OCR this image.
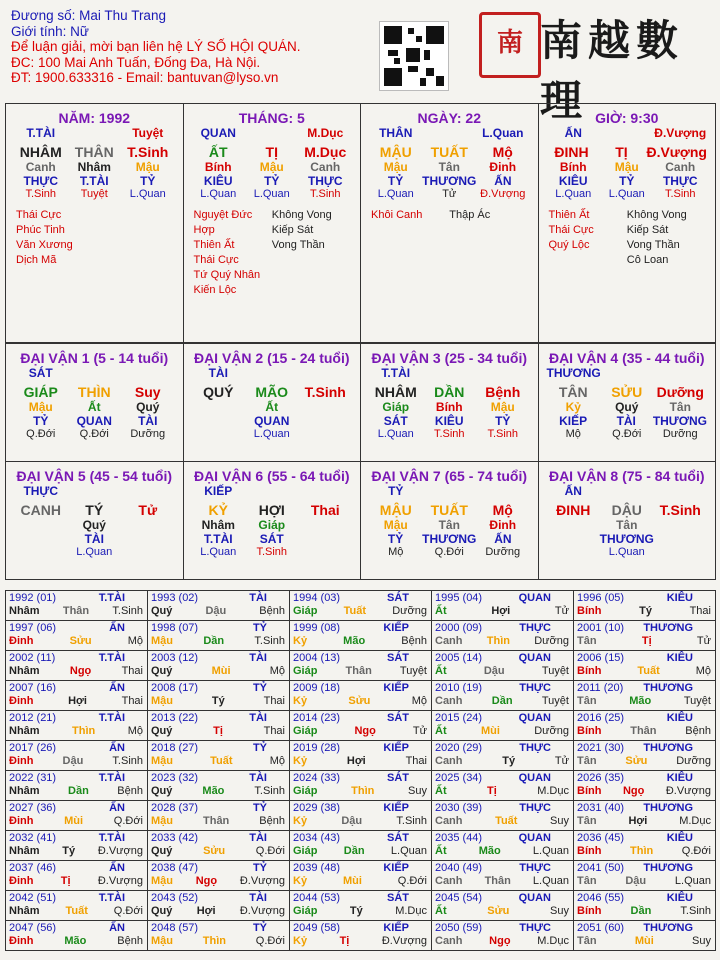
Đương số: Mai Thu Trang
Giới tính: Nữ
Để luận giải, mời bạn liên hệ LÝ SỐ HỘI QUÁN.
ĐC: 100 Mai Anh Tuấn, Đống Đa, Hà Nội.
ĐT: 1900.633316 - Email: bantuvan@lyso.vn
南 南越數理
NĂM: 1992
T.TÀI	Tuyệt
NHÂM THÂN T.Sinh
Canh	Nhâm	Mậu
THỰC	T.TÀI	TỶ
T.Sinh	Tuyệt	L.Quan
Thái Cực
Phúc Tinh
Văn Xương
Dịch Mã
THÁNG: 5
QUAN	M.Dục
ẤT	TỊ	M.Dục
Bính	Mậu	Canh
KIÊU	TỶ	THỰC
L.Quan	L.Quan	T.Sinh
Nguyệt Đức Hợp
Thiên Ất
Thái Cực
Tứ Quý Nhân
Kiến Lộc
Không Vong
Kiếp Sát
Vong Thần
NGÀY: 22
THÂN	L.Quan
MẬU	TUẤT	Mộ
Mậu	Tân	Đinh
TỶ	THƯƠNG	ẤN
L.Quan	Tử	Đ.Vượng
Khôi Canh	Thập Ác
GIỜ: 9:30
ẤN	Đ.Vượng
ĐINH	TỊ	Đ.Vượng
Bính	Mậu	Canh
KIÊU	TỶ	THỰC
L.Quan	L.Quan	T.Sinh
Thiên Ất
Thái Cực
Quý Lộc
Không Vong
Kiếp Sát
Vong Thần
Cô Loan
ĐẠI VẬN 1 (5 - 14 tuổi)
SÁT
GIÁP	THÌN	Suy
Mậu	Ất	Quý
TỶ	QUAN	TÀI
Q.Đới	Q.Đới	Dưỡng
ĐẠI VẬN 2 (15 - 24 tuổi)
TÀI
QUÝ	MÃO	T.Sinh
Ất
QUAN
L.Quan
ĐẠI VẬN 3 (25 - 34 tuổi)
T.TÀI
NHÂM	DẦN	Bệnh
Giáp	Bính	Mậu
SÁT	KIÊU	TỶ
L.Quan	T.Sinh	T.Sinh
ĐẠI VẬN 4 (35 - 44 tuổi)
THƯƠNG
TÂN	SỬU	Dưỡng
Kỷ	Quý	Tân
KIẾP	TÀI	THƯƠNG
Mộ	Q.Đới	Dưỡng
ĐẠI VẬN 5 (45 - 54 tuổi)
THỰC
CANH	TÝ	Tử
Quý
TÀI
L.Quan
ĐẠI VẬN 6 (55 - 64 tuổi)
KIẾP
KỶ	HỢI	Thai
Nhâm	Giáp
T.TÀI	SÁT
L.Quan	T.Sinh
ĐẠI VẬN 7 (65 - 74 tuổi)
TỶ
MẬU	TUẤT	Mộ
Mậu	Tân	Đinh
TỶ	THƯƠNG	ẤN
Mộ	Q.Đới	Dưỡng
ĐẠI VẬN 8 (75 - 84 tuổi)
ẤN
ĐINH	DẬU	T.Sinh
Tân
THƯƠNG
L.Quan
1992 (01)	T.TÀI
Nhâm Thân T.Sinh
1993 (02)	TÀI
Quý	Dậu	Bệnh
1994 (03)	SÁT
Giáp Tuất Dưỡng
1995 (04)	QUAN
Ất	Hợi	Tử
1996 (05)	KIÊU
Bính	Tý	Thai
1997 (06)	ẤN
Đinh	Sửu	Mộ
1998 (07)	TỶ
Mậu	Dần	T.Sinh
1999 (08)	KIẾP
Kỷ	Mão	Bệnh
2000 (09)	THỰC
Canh Thìn Dưỡng
2001 (10) THƯƠNG
Tân	Tị	Tử
2002 (11)	T.TÀI
Nhâm	Ngọ	Thai
2003 (12)	TÀI
Quý	Mùi	Mộ
2004 (13)	SÁT
Giáp	Thân	Tuyệt
2005 (14)	QUAN
Ất	Dậu	Tuyệt
2006 (15)	KIÊU
Bính	Tuất	Mộ
2007 (16)	ẤN
Đinh	Hợi	Thai
2008 (17)	TỶ
Mậu	Tý	Thai
2009 (18)	KIẾP
Kỷ	Sửu	Mộ
2010 (19)	THỰC
Canh	Dần	Tuyệt
2011 (20) THƯƠNG
Tân	Mão	Tuyệt
2012 (21)	T.TÀI
Nhâm	Thìn	Mộ
2013 (22)	TÀI
Quý	Tị	Thai
2014 (23)	SÁT
Giáp	Ngọ	Tử
2015 (24)	QUAN
Ất	Mùi	Dưỡng
2016 (25)	KIÊU
Bính	Thân	Bệnh
2017 (26)	ẤN
Đinh	Dậu	T.Sinh
2018 (27)	TỶ
Mậu	Tuất	Mộ
2019 (28)	KIẾP
Kỷ	Hợi	Thai
2020 (29)	THỰC
Canh	Tý	Tử
2021 (30) THƯƠNG
Tân	Sửu	Dưỡng
2022 (31)	T.TÀI
Nhâm	Dần	Bệnh
2023 (32)	TÀI
Quý	Mão	T.Sinh
2024 (33)	SÁT
Giáp	Thìn	Suy
2025 (34)	QUAN
Ất	Tị	M.Dục
2026 (35)	KIÊU
Bính Ngọ Đ.Vượng
2027 (36)	ẤN
Đinh	Mùi	Q.Đới
2028 (37)	TỶ
Mậu	Thân	Bệnh
2029 (38)	KIẾP
Kỷ	Dậu	T.Sinh
2030 (39)	THỰC
Canh	Tuất	Suy
2031 (40) THƯƠNG
Tân	Hợi	M.Dục
2032 (41)	T.TÀI
Nhâm Tý Đ.Vượng
2033 (42)	TÀI
Quý	Sửu	Q.Đới
2034 (43)	SÁT
Giáp Dần L.Quan
2035 (44)	QUAN
Ất	Mão	L.Quan
2036 (45)	KIÊU
Bính	Thìn	Q.Đới
2037 (46)	ẤN
Đinh Tị Đ.Vượng
2038 (47)	TỶ
Mậu Ngọ Đ.Vượng
2039 (48)	KIẾP
Kỷ	Mùi	Q.Đới
2040 (49)	THỰC
Canh Thân L.Quan
2041 (50) THƯƠNG
Tân	Dậu	L.Quan
2042 (51)	T.TÀI
Nhâm Tuất Q.Đới
2043 (52)	TÀI
Quý Hợi Đ.Vượng
2044 (53)	SÁT
Giáp	Tý	M.Dục
2045 (54)	QUAN
Ất	Sửu	Suy
2046 (55)	KIÊU
Bính	Dần	T.Sinh
2047 (56)	ẤN
Đinh	Mão	Bệnh
2048 (57)	TỶ
Mậu	Thìn	Q.Đới
2049 (58)	KIẾP
Kỷ	Tị	Đ.Vượng
2050 (59)	THỰC
Canh Ngọ M.Dục
2051 (60) THƯƠNG
Tân	Mùi	Suy
